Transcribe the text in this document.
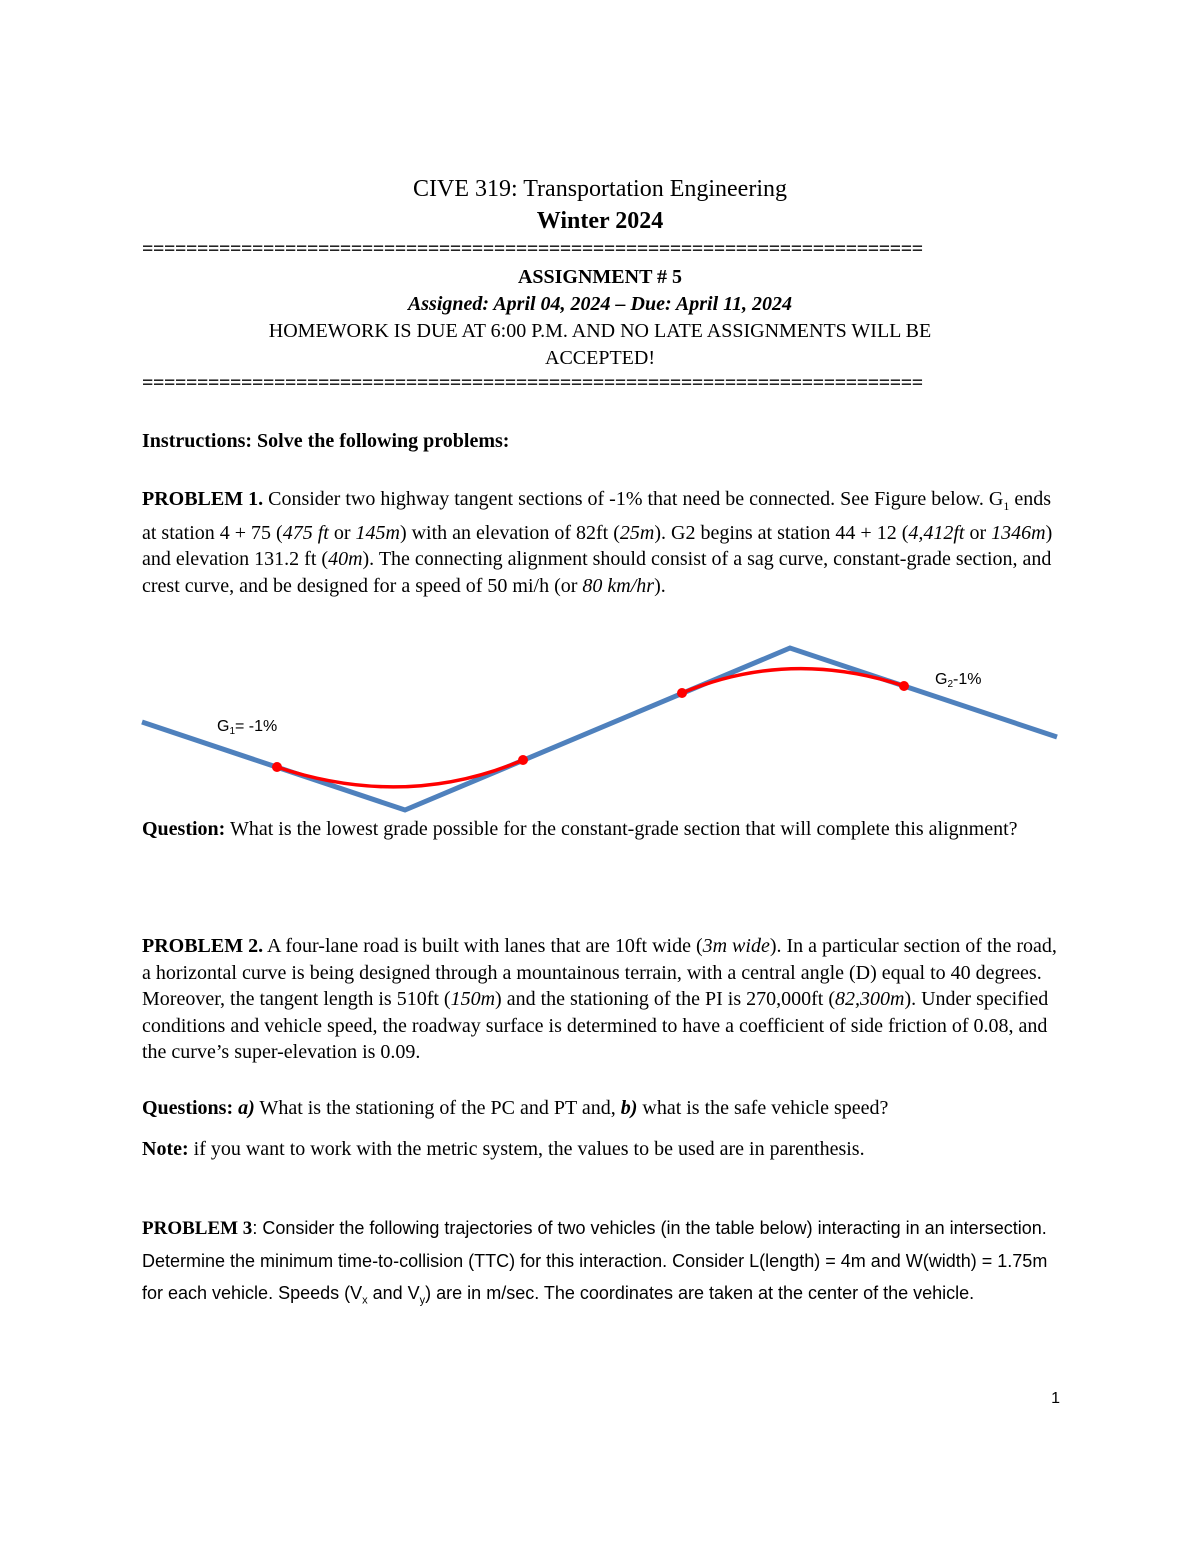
CIVE 319: Transportation Engineering
Winter 2024
=======================================================================
ASSIGNMENT # 5
Assigned: April 04, 2024 – Due: April 11, 2024
HOMEWORK IS DUE AT 6:00 P.M. AND NO LATE ASSIGNMENTS WILL BE
ACCEPTED!
=======================================================================
Instructions: Solve the following problems:
PROBLEM 1. Consider two highway tangent sections of -1% that need be connected. See Figure below. $G_1$ ends at station 4 + 75 (475 ft or 145m) with an elevation of 82ft (25m). G2 begins at station 44 + 12 (4,412ft or 1346m) and elevation 131.2 ft (40m). The connecting alignment should consist of a sag curve, constant-grade section, and crest curve, and be designed for a speed of 50 mi/h (or 80 km/hr).
G1= -1%
G2-1%
Question: What is the lowest grade possible for the constant-grade section that will complete this alignment?
PROBLEM 2. A four-lane road is built with lanes that are 10ft wide (3m wide). In a particular section of the road, a horizontal curve is being designed through a mountainous terrain, with a central angle (D) equal to 40 degrees. Moreover, the tangent length is 510ft (150m) and the stationing of the PI is 270,000ft (82,300m). Under specified conditions and vehicle speed, the roadway surface is determined to have a coefficient of side friction of 0.08, and the curve’s super-elevation is 0.09.
Questions: a) What is the stationing of the PC and PT and, b) what is the safe vehicle speed?
Note: if you want to work with the metric system, the values to be used are in parenthesis.
PROBLEM 3: Consider the following trajectories of two vehicles (in the table below) interacting in an intersection. Determine the minimum time-to-collision (TTC) for this interaction. Consider L(length) = 4m and W(width) = 1.75m for each vehicle. Speeds ($V_x$ and $V_y$) are in m/sec. The coordinates are taken at the center of the vehicle.
1
